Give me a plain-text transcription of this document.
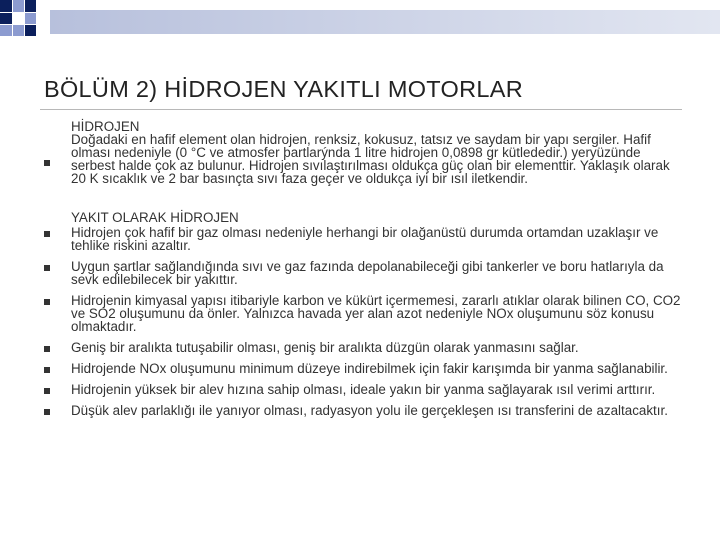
BÖLÜM 2) HİDROJEN YAKITLI MOTORLAR
HİDROJEN
Doğadaki en hafif element olan hidrojen, renksiz, kokusuz, tatsız ve saydam bir yapı sergiler. Hafif olması nedeniyle (0 °C ve atmosfer þartlarýnda 1 litre hidrojen 0,0898 gr kütlededir.) yeryüzünde serbest halde çok az bulunur. Hidrojen sıvılaştırılması oldukça güç olan bir elementtir. Yaklaşık olarak 20 K sıcaklık ve 2 bar basınçta sıvı faza geçer ve oldukça iyi bir ısıl iletkendir.
YAKIT OLARAK HİDROJEN
Hidrojen çok hafif bir gaz olması nedeniyle herhangi bir olağanüstü durumda ortamdan uzaklaşır ve tehlike riskini azaltır.
Uygun şartlar sağlandığında sıvı ve gaz fazında depolanabileceği gibi tankerler ve boru hatlarıyla da sevk edilebilecek bir yakıttır.
Hidrojenin kimyasal yapısı itibariyle karbon ve kükürt içermemesi, zararlı atıklar olarak bilinen CO, CO2 ve SO2 oluşumunu da önler. Yalnızca havada yer alan azot nedeniyle NOx oluşumunu söz konusu olmaktadır.
Geniş bir aralıkta tutuşabilir olması, geniş bir aralıkta düzgün olarak yanmasını sağlar.
Hidrojende NOx oluşumunu minimum düzeye indirebilmek için fakir karışımda bir yanma sağlanabilir.
Hidrojenin yüksek bir alev hızına sahip olması, ideale yakın bir yanma sağlayarak ısıl verimi arttırır.
Düşük alev parlaklığı ile yanıyor olması, radyasyon yolu ile gerçekleşen ısı transferini de azaltacaktır.
